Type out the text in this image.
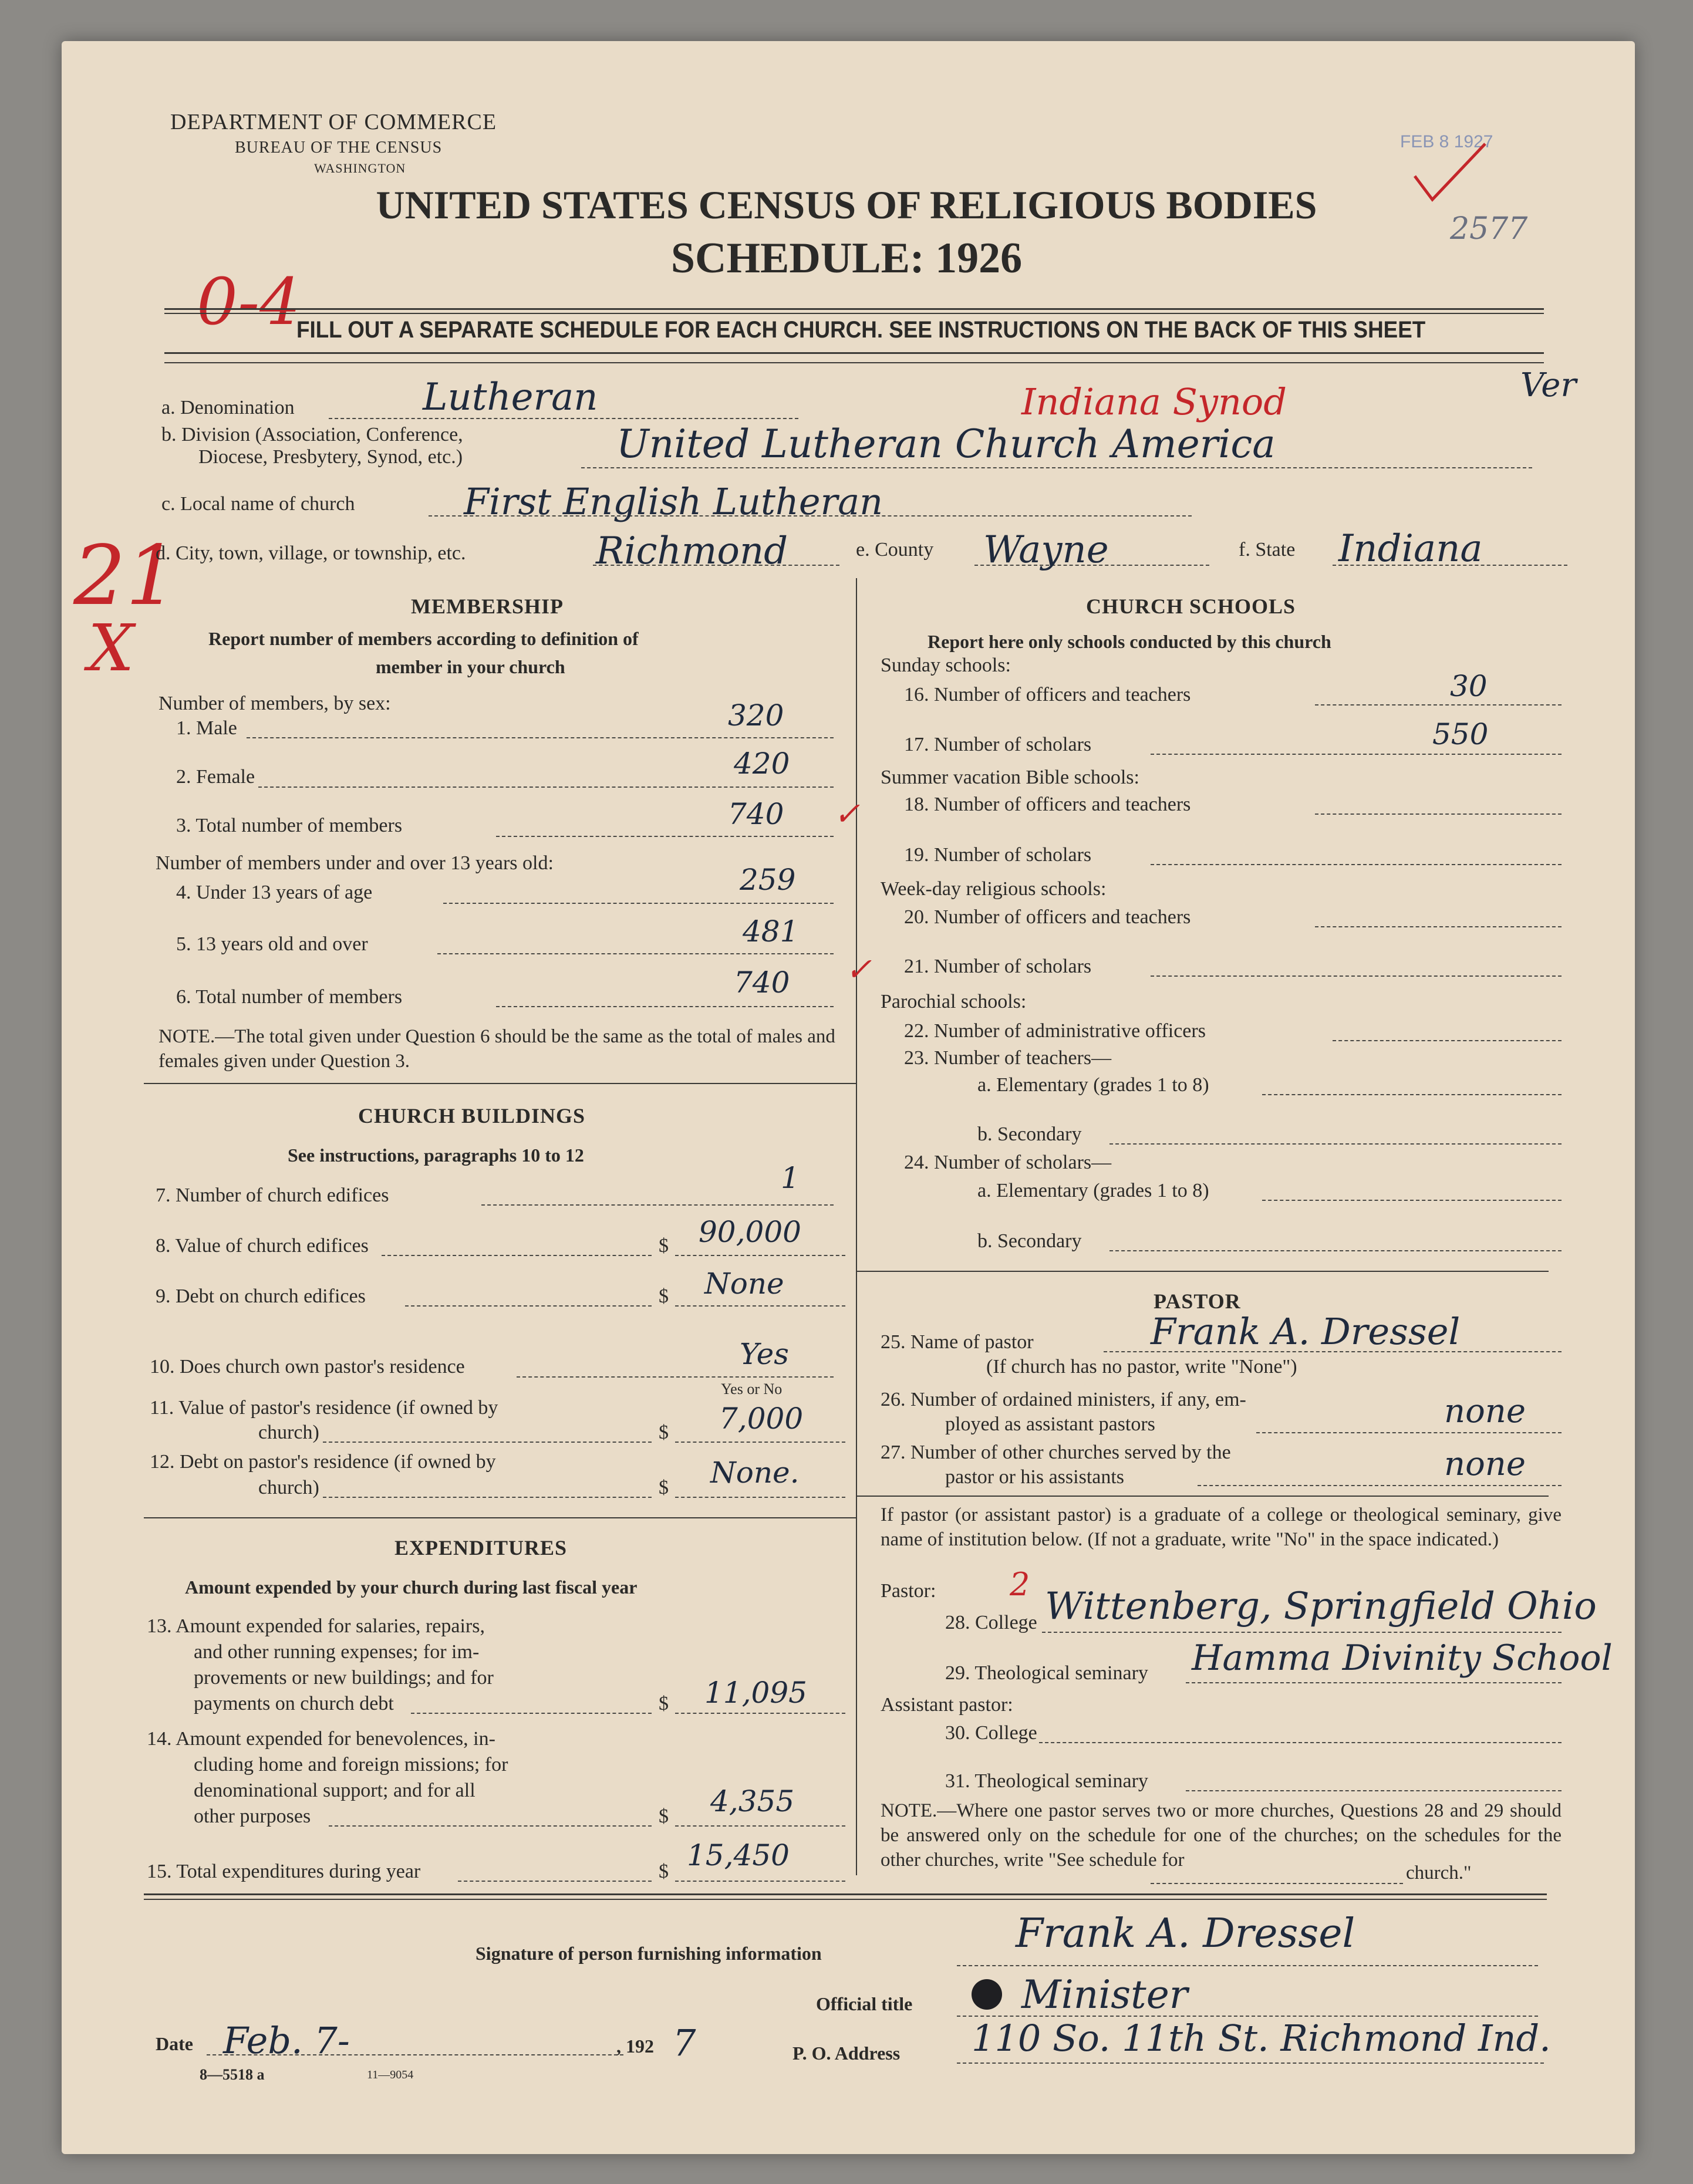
DEPARTMENT OF COMMERCE
BUREAU OF THE CENSUS
WASHINGTON
FEB 8 1927
2577
UNITED STATES CENSUS OF RELIGIOUS BODIES
SCHEDULE: 1926
0-4
21
X
FILL OUT A SEPARATE SCHEDULE FOR EACH CHURCH. SEE INSTRUCTIONS ON THE BACK OF THIS SHEET
a. Denomination	Lutheran	Indiana Synod	Ver
b. Division (Association, Conference,
Diocese, Presbytery, Synod, etc.)	United Lutheran Church America
c. Local name of church	First English Lutheran
d. City, town, village, or township, etc.	Richmond	e. County Wayne	f. State Indiana
MEMBERSHIP
Report number of members according to definition of
member in your church
Number of members, by sex:
1. Male	320
2. Female	420
3. Total number of members	740 ✓
Number of members under and over 13 years old:
4. Under 13 years of age	259
5. 13 years old and over	481
6. Total number of members	740 ✓
NOTE.—The total given under Question 6 should be the same as the total of males and females given under Question 3.
CHURCH BUILDINGS
See instructions, paragraphs 10 to 12
7. Number of church edifices
1
8. Value of church edifices	$ 90,000
9. Debt on church edifices	$ None
10. Does church own pastor's residence	Yes
Yes or No
11. Value of pastor's residence (if owned by
church)	$ 7,000
12. Debt on pastor's residence (if owned by
church)	$ None.
EXPENDITURES
Amount expended by your church during last fiscal year
13. Amount expended for salaries, repairs,
and other running expenses; for im-
provements or new buildings; and for
payments on church debt	$ 11,095
14. Amount expended for benevolences, in-
cluding home and foreign missions; for
denominational support; and for all
other purposes	$ 4,355
15. Total expenditures during year	$ 15,450
CHURCH SCHOOLS
Report here only schools conducted by this church
Sunday schools:
16. Number of officers and teachers	30
17. Number of scholars	550
Summer vacation Bible schools:
18. Number of officers and teachers
19. Number of scholars
Week-day religious schools:
20. Number of officers and teachers
21. Number of scholars
Parochial schools:
22. Number of administrative officers
23. Number of teachers—
a. Elementary (grades 1 to 8)
b. Secondary
24. Number of scholars—
a. Elementary (grades 1 to 8)
b. Secondary
PASTOR
25. Name of pastor	Frank A. Dressel
(If church has no pastor, write "None")
26. Number of ordained ministers, if any, em-
ployed as assistant pastors	none
27. Number of other churches served by the
pastor or his assistants	none
If pastor (or assistant pastor) is a graduate of a college or theological seminary, give name of institution below. (If not a graduate, write "No" in the space indicated.)
Pastor: 2
28. College Wittenberg, Springfield Ohio
29. Theological seminary Hamma Divinity School
Assistant pastor:
30. College
31. Theological seminary
NOTE.—Where one pastor serves two or more churches, Questions 28 and 29 should be answered only on the schedule for one of the churches; on the schedules for the other churches, write "See schedule for
church."
Signature of person furnishing information	Frank A. Dressel
Official title	Minister
Date Feb. 7-	, 192 7	P. O. Address 110 So. 11th St. Richmond Ind.
8—5518 a	11—9054
